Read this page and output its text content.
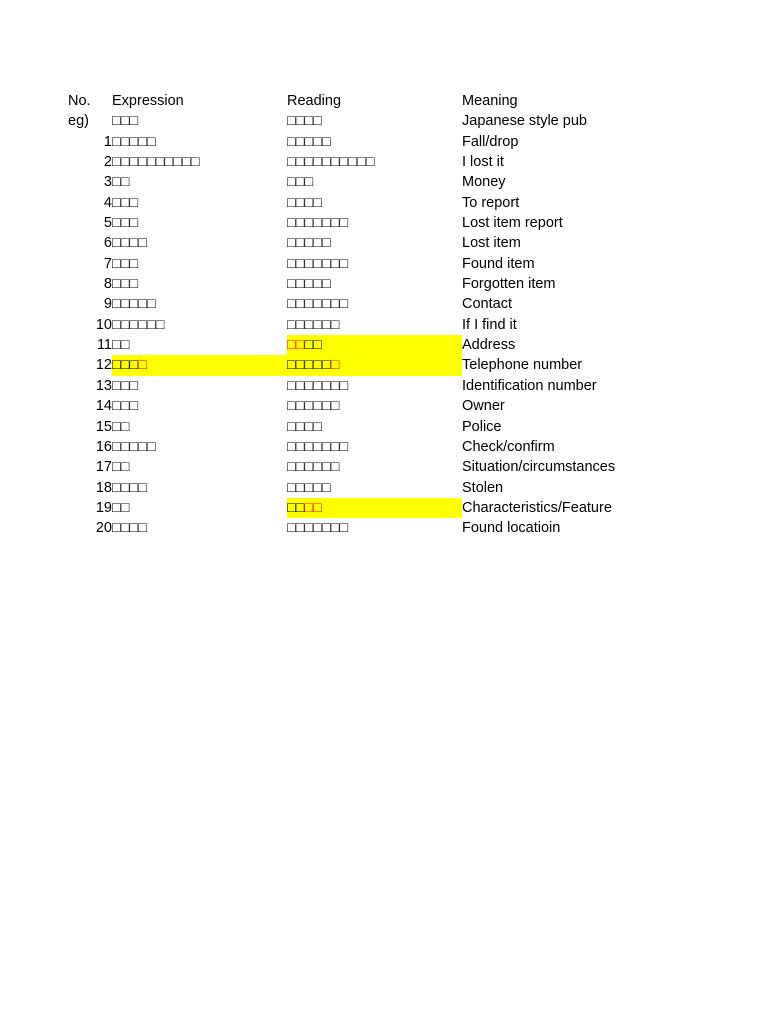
No.	Expression	Reading	Meaning
eg)	□□□	□□□□	Japanese style pub
1 □□□□□	□□□□□	Fall/drop
2 □□□□□□□□□□	□□□□□□□□□□	I lost it
3 □□	□□□	Money
4 □□□	□□□□	To report
5 □□□	□□□□□□□	Lost item report
6 □□□□	□□□□□	Lost item
7 □□□	□□□□□□□	Found item
8 □□□	□□□□□	Forgotten item
9 □□□□□	□□□□□□□	Contact
10 □□□□□□	□□□□□□	If I find it
11 □□	□□□□	Address
12 □□□□	□□□□□□	Telephone number
13 □□□	□□□□□□□	Identification number
14 □□□	□□□□□□	Owner
15 □□	□□□□	Police
16 □□□□□	□□□□□□□	Check/confirm
17 □□	□□□□□□	Situation/circumstances
18 □□□□	□□□□□	Stolen
19 □□	□□□□	Characteristics/Feature
20 □□□□	□□□□□□□	Found locatioin
